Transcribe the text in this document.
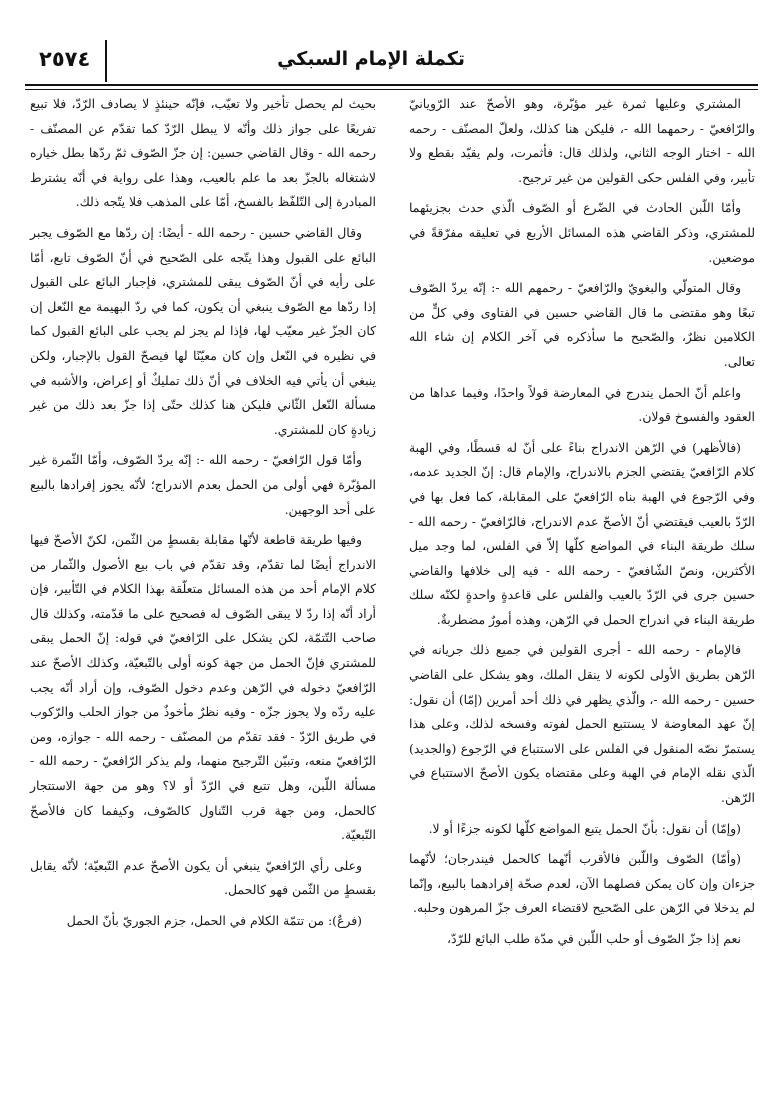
تكملة الإمام السبكي
٢٥٧٤

المشتري وعليها ثمرة غير مؤبّرة، وهو الأصحّ عند الرّويانيّ والرّافعيّ - رحمهما الله -، فليكن هنا كذلك، ولعلّ المصنّف - رحمه الله - اختار الوجه الثاني، ولذلك قال: فأثمرت، ولم يقيّد بقطع ولا تأبير، وفي الفلس حكى القولين من غير ترجيح.

وأمّا اللّبن الحادث في الضّرع أو الصّوف الّذي حدث بجزيئهما للمشتري، وذكر القاضي هذه المسائل الأربع في تعليقه مفرّقةً في موضعين.

وقال المتولّي والبغويّ والرّافعيّ - رحمهم الله -: إنّه يردّ الصّوف تبعًا وهو مقتضى ما قال القاضي حسين في الفتاوى وفي كلٍّ من الكلامين نظرٌ، والصّحيح ما سأذكره في آخر الكلام إن شاء الله تعالى.

واعلم أنّ الحمل يندرج في المعارضة قولاً واحدًا، وفيما عداها من العقود والفسوخ قولان.

(فالأظهر) في الرّهن الاندراج بناءً على أنّ له قسطًا، وفي الهبة كلام الرّافعيّ يقتضي الجزم بالاندراج، والإمام قال: إنّ الجديد عدمه، وفي الرّجوع في الهبة بناه الرّافعيّ على المقابلة، كما فعل بها في الرّدّ بالعيب فيقتضي أنّ الأصحّ عدم الاندراج، فالرّافعيّ - رحمه الله - سلك طريقة البناء في المواضع كلّها إلاّ في الفلس، لما وجد ميل الأكثرين، ونصّ الشّافعيّ - رحمه الله - فيه إلى خلافها والقاضي حسين جرى في الرّدّ بالعيب والفلس على قاعدةٍ واحدةٍ لكنّه سلك طريقة البناء في اندراج الحمل في الرّهن، وهذه أمورٌ مضطربةٌ.

فالإمام - رحمه الله - أجرى القولين في جميع ذلك جريانه في الرّهن بطريق الأولى لكونه لا ينقل الملك، وهو يشكل على القاضي حسين - رحمه الله -، والّذي يظهر في ذلك أحد أمرين (إمّا) أن نقول: إنّ عهد المعاوضة لا يستتبع الحمل لفوته وفسخه لذلك، وعلى هذا يستمرّ نصّه المنقول في الفلس على الاستتباع في الرّجوع (والجديد) الّذي نقله الإمام في الهبة وعلى مقتضاه يكون الأصحّ الاستتباع في الرّهن.

(وإمّا) أن نقول: بأنّ الحمل يتبع المواضع كلّها لكونه جزءًا أو لا.

(وأمّا) الصّوف واللّبن فالأقرب أنّهما كالحمل فيندرجان؛ لأنّهما جزءان وإن كان يمكن فصلهما الآن، لعدم صحّة إفرادهما بالبيع، وإنّما لم يدخلا في الرّهن على الصّحيح لاقتضاء العرف جزّ المرهون وحلبه.

نعم إذا جزّ الصّوف أو حلب اللّبن في مدّة طلب البائع للرّدّ،

بحيث لم يحصل تأخير ولا تعيّب، فإنّه حينئذٍ لا يصادف الرّدّ، فلا تبيع تفريعًا على جواز ذلك وأنّه لا يبطل الرّدّ كما تقدّم عن المصنّف - رحمه الله - وقال القاضي حسين: إن جزّ الصّوف ثمّ ردّها بطل خياره لاشتغاله بالجزّ بعد ما علم بالعيب، وهذا على رواية في أنّه يشترط المبادرة إلى التّلفّظ بالفسخ، أمّا على المذهب فلا يتّجه ذلك.

وقال القاضي حسين - رحمه الله - أيضًا: إن ردّها مع الصّوف يجبر البائع على القبول وهذا يتّجه على الصّحيح في أنّ الصّوف تابع، أمّا على رأيه في أنّ الصّوف يبقى للمشتري، فإجبار البائع على القبول إذا ردّها مع الصّوف ينبغي أن يكون، كما في ردّ البهيمة مع النّعل إن كان الجزّ غير معيّب لها، فإذا لم يجز لم يجب على البائع القبول كما في نظيره في النّعل وإن كان معيّنًا لها فيصحّ القول بالإجبار، ولكن ينبغي أن يأتي فيه الخلاف في أنّ ذلك تمليكٌ أو إعراض، والأشبه في مسألة النّعل الثّاني فليكن هنا كذلك حتّى إذا جزّ بعد ذلك من غير زيادةٍ كان للمشتري.

وأمّا قول الرّافعيّ - رحمه الله -: إنّه يردّ الصّوف، وأمّا الثّمرة غير المؤبّرة فهي أولى من الحمل بعدم الاندراج؛ لأنّه يجوز إفرادها بالبيع على أحد الوجهين.

وفيها طريقة قاطعة لأنّها مقابلة بقسطٍ من الثّمن، لكنّ الأصحّ فيها الاندراج أيضًا لما تقدّم، وقد تقدّم في باب بيع الأصول والثّمار من كلام الإمام أحد من هذه المسائل متعلّقة بهذا الكلام في التّأبير، فإن أراد أنّه إذا ردّ لا يبقى الصّوف له فصحيح على ما قدّمته، وكذلك قال صاحب التّتمّة، لكن يشكل على الرّافعيّ في قوله: إنّ الحمل يبقى للمشتري فإنّ الحمل من جهة كونه أولى بالتّبعيّة، وكذلك الأصحّ عند الرّافعيّ دخوله في الرّهن وعدم دخول الصّوف، وإن أراد أنّه يجب عليه ردّه ولا يجوز جزّه - وفيه نظرٌ مأخوذٌ من جواز الحلب والرّكوب في طريق الرّدّ - فقد تقدّم من المصنّف - رحمه الله - جوازه، ومن الرّافعيّ منعه، وتبيّن التّرجيح منهما، ولم يذكر الرّافعيّ - رحمه الله - مسألة اللّبن، وهل تتبع في الرّدّ أو لا؟ وهو من جهة الاستتجار كالحمل، ومن جهة قرب التّناول كالصّوف، وكيفما كان فالأصحّ التّبعيّة.

وعلى رأي الرّافعيّ ينبغي أن يكون الأصحّ عدم التّبعيّة؛ لأنّه يقابل بقسطٍ من الثّمن فهو كالحمل.

(فرعٌ): من تتمّة الكلام في الحمل، جزم الجوريّ بأنّ الحمل
